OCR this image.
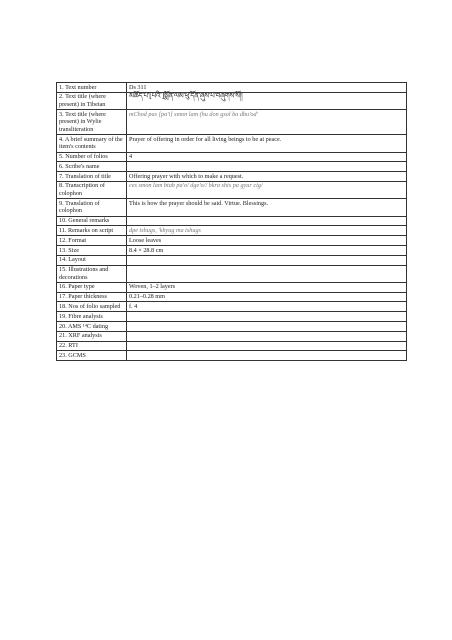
1. Text number	Ds 311
2. Text title (where present) in Tibetan	མཆོད་པ་[པའི་]སྨོན་ལམ་ཕུ་དོན་ཞུས་པ་བཞུགས་སོ།།
3. Text title (where present) in Wylie transliteration	mChod pas [pa'i] smon lam (hu don gsol ba dbu'od'
4. A brief summary of the item's contents	Prayer of offering in order for all living beings to be at peace.
5. Number of folios	4
6. Scribe's name	
7. Translation of title	Offering prayer with which to make a request.
8. Transcription of colophon	ces smon lam btab pa'o/ dge'o// bkra shis pa gyur cig/
9. Translation of colophon	This is how the prayer should be said. Virtue. Blessings.
10. General remarks	
11. Remarks on script	dpe tshugs, 'khyug ma tshugs
12. Format	Loose leaves
13. Size	8.4 × 28.8 cm
14. Layout	
15. Illustrations and decorations	
16. Paper type	Woven, 1–2 layers
17. Paper thickness	0.21–0.28 mm
18. Nos of folio sampled	f. 4
19. Fibre analysis	
20. AMS ¹⁴C dating	
21. XRF analysis	
22. RTI	
23. GCMS	
